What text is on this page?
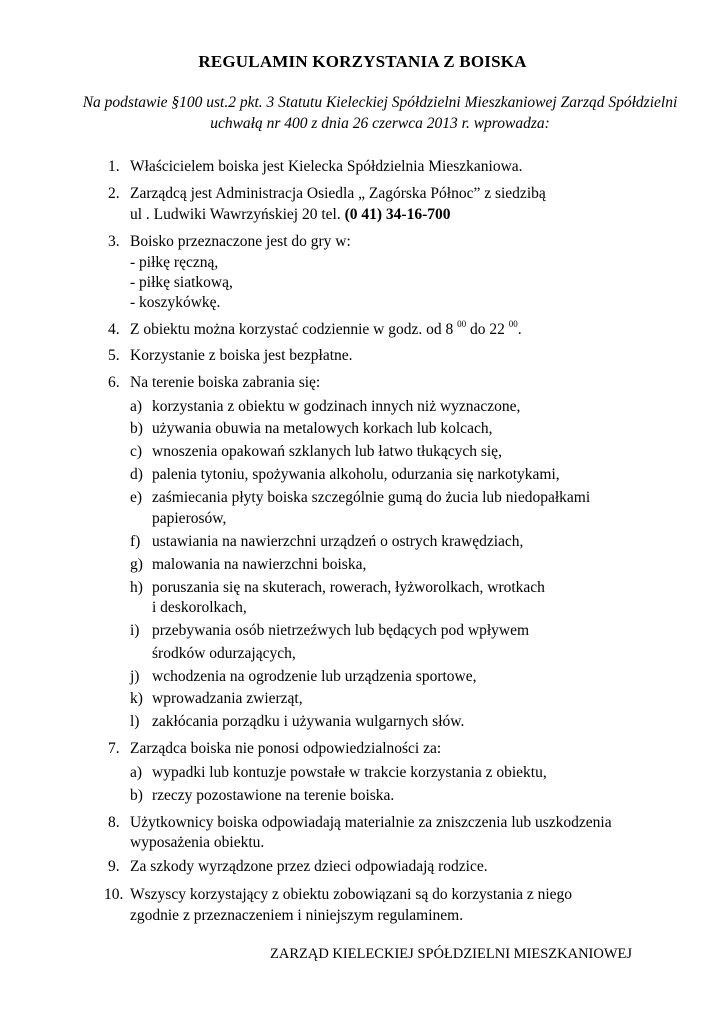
REGULAMIN KORZYSTANIA Z BOISKA
Na podstawie §100 ust.2 pkt. 3 Statutu Kieleckiej Spółdzielni Mieszkaniowej Zarząd Spółdzielni uchwałą nr 400 z dnia 26 czerwca 2013 r. wprowadza:
1. Właścicielem boiska jest Kielecka Spółdzielnia Mieszkaniowa.
2. Zarządcą jest Administracja Osiedla „ Zagórska Północ” z siedzibą
ul . Ludwiki Wawrzyńskiej 20 tel. (0 41) 34-16-700
3. Boisko przeznaczone jest do gry w:
- piłkę ręczną,
- piłkę siatkową,
- koszykówkę.
4. Z obiektu można korzystać codziennie w godz. od 8 $^{00}$ do 22 $^{00}$.
5. Korzystanie z boiska jest bezpłatne.
6. Na terenie boiska zabrania się:
a) korzystania z obiektu w godzinach innych niż wyznaczone,
b) używania obuwia na metalowych korkach lub kolcach,
c) wnoszenia opakowań szklanych lub łatwo tłukących się,
d) palenia tytoniu, spożywania alkoholu, odurzania się narkotykami,
e) zaśmiecania płyty boiska szczególnie gumą do żucia lub niedopałkami
papierosów,
f) ustawiania na nawierzchni urządzeń o ostrych krawędziach,
g) malowania na nawierzchni boiska,
h) poruszania się na skuterach, rowerach, łyżworolkach, wrotkach
i deskorolkach,
i) przebywania osób nietrzeźwych lub będących pod wpływem
środków odurzających,
j) wchodzenia na ogrodzenie lub urządzenia sportowe,
k) wprowadzania zwierząt,
l) zakłócania porządku i używania wulgarnych słów.
7. Zarządca boiska nie ponosi odpowiedzialności za:
a) wypadki lub kontuzje powstałe w trakcie korzystania z obiektu,
b) rzeczy pozostawione na terenie boiska.
8. Użytkownicy boiska odpowiadają materialnie za zniszczenia lub uszkodzenia
wyposażenia obiektu.
9. Za szkody wyrządzone przez dzieci odpowiadają rodzice.
10. Wszyscy korzystający z obiektu zobowiązani są do korzystania z niego
zgodnie z przeznaczeniem i niniejszym regulaminem.
ZARZĄD KIELECKIEJ SPÓŁDZIELNI MIESZKANIOWEJ
